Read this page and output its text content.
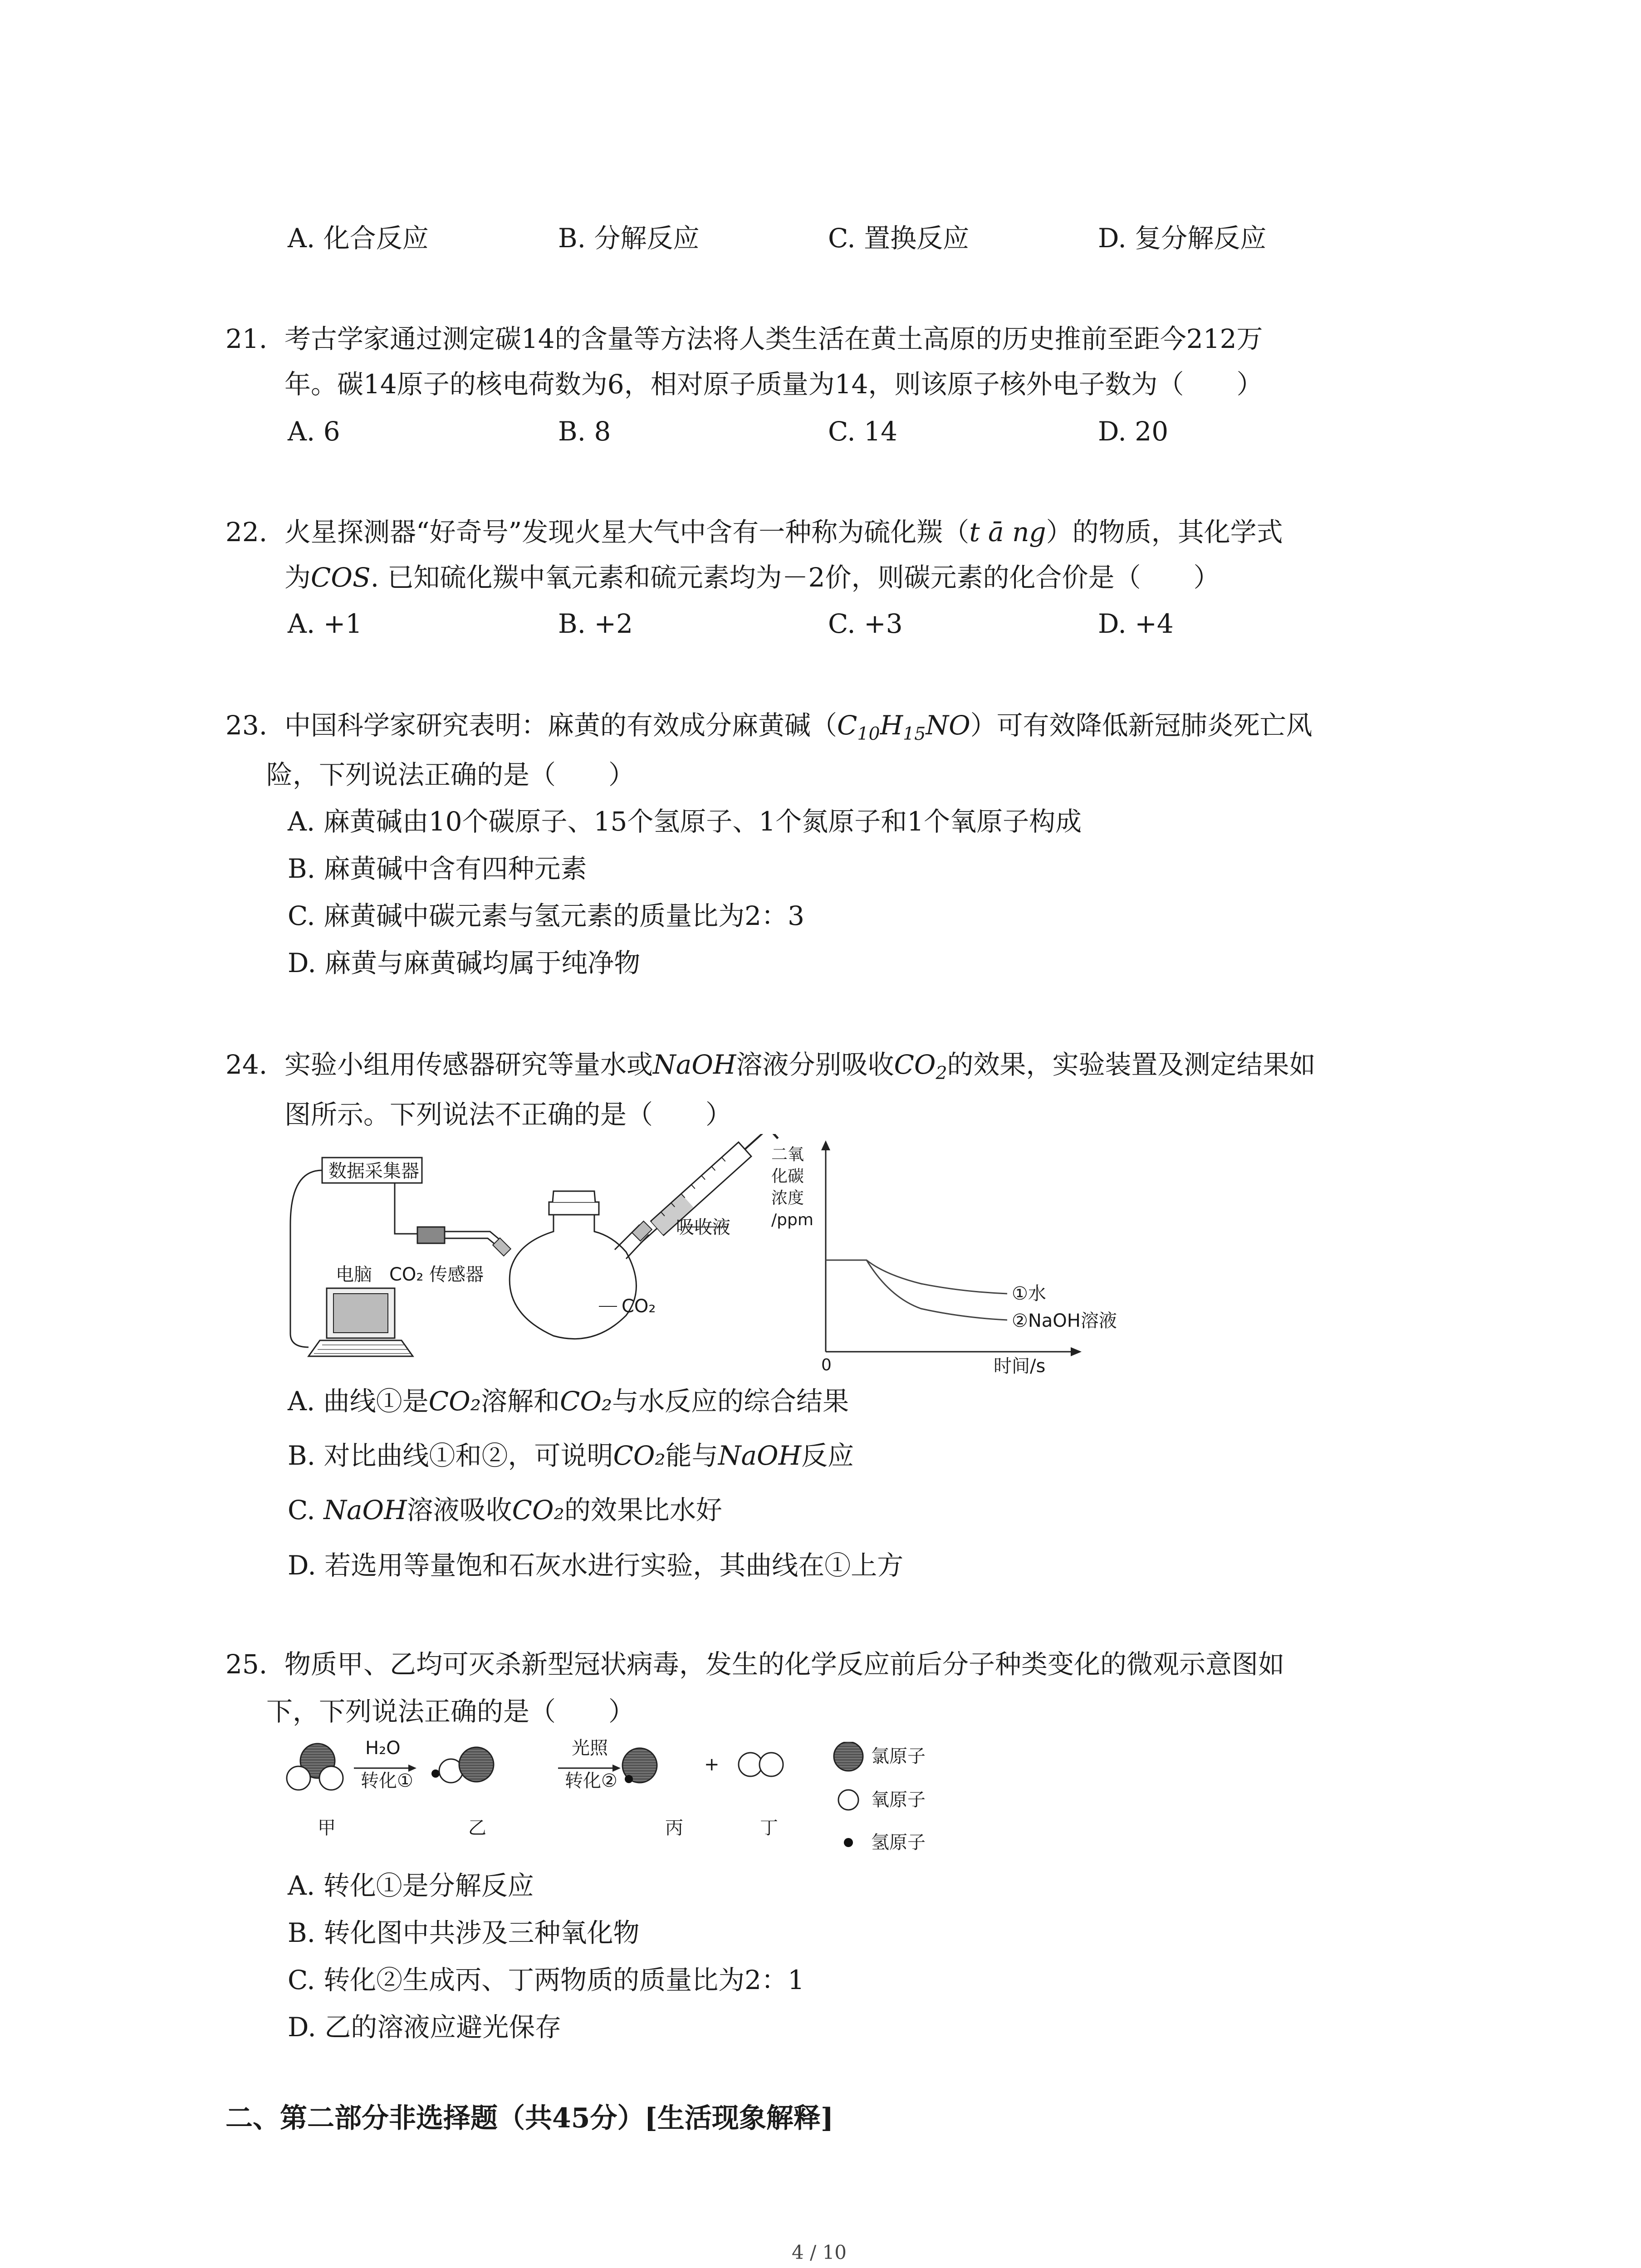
A. 化合反应	B. 分解反应	C. 置换反应	D. 复分解反应
21. 考古学家通过测定碳14的含量等方法将人类生活在黄土高原的历史推前至距今212万
年。碳14原子的核电荷数为6，相对原子质量为14，则该原子核外电子数为（　　）
A. 6	B. 8	C. 14	D. 20
22. 火星探测器“好奇号”发现火星大气中含有一种称为硫化羰（t ā ng）的物质，其化学式
为COS. 已知硫化羰中氧元素和硫元素均为－2价，则碳元素的化合价是（　　）
A. +1	B. +2	C. +3	D. +4
23. 中国科学家研究表明：麻黄的有效成分麻黄碱$(C_{10}H_{15}NO)$可有效降低新冠肺炎死亡风
险，下列说法正确的是（　　）
A. 麻黄碱由10个碳原子、15个氢原子、1个氮原子和1个氧原子构成
B. 麻黄碱中含有四种元素
C. 麻黄碱中碳元素与氢元素的质量比为2：3
D. 麻黄与麻黄碱均属于纯净物
24. 实验小组用传感器研究等量水或NaOH溶液分别吸收$CO_2$的效果，实验装置及测定结果如
图所示。下列说法不正确的是（　　）
数据采集器
CO₂ 传感器
电脑
吸收液
CO₂
二氧
化碳
浓度
/ppm
0	时间/s
①水
②NaOH溶液
A. 曲线①是CO₂溶解和CO₂与水反应的综合结果
B. 对比曲线①和②，可说明CO₂能与NaOH反应
C. NaOH溶液吸收CO₂的效果比水好
D. 若选用等量饱和石灰水进行实验，其曲线在①上方
25. 物质甲、乙均可灭杀新型冠状病毒，发生的化学反应前后分子种类变化的微观示意图如
下，下列说法正确的是（　　）
H₂O
转化①
光照
转化②
+
甲	乙	丙	丁
氯原子
氧原子
氢原子
A. 转化①是分解反应
B. 转化图中共涉及三种氧化物
C. 转化②生成丙、丁两物质的质量比为2：1
D. 乙的溶液应避光保存
二、第二部分非选择题（共45分）[生活现象解释]
4 / 10
